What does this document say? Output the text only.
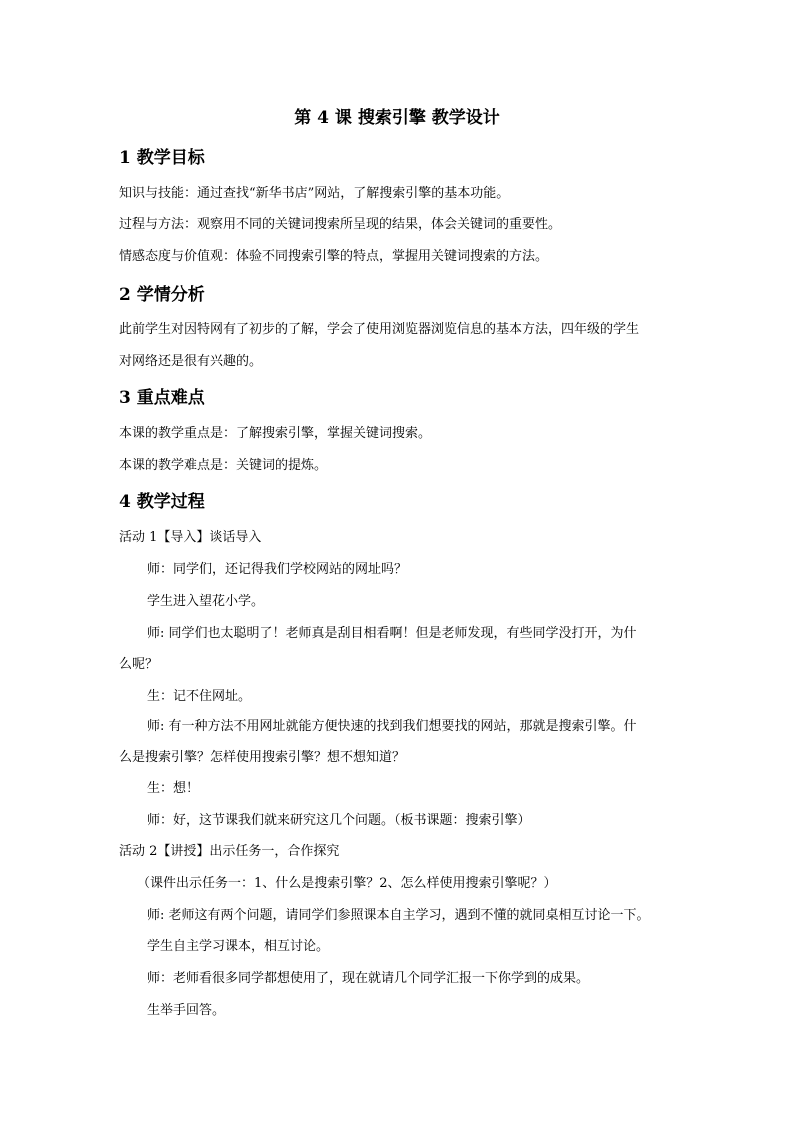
第 4 课 搜索引擎 教学设计
1 教学目标

知识与技能：通过查找“新华书店”网站，了解搜索引擎的基本功能。

过程与方法：观察用不同的关键词搜索所呈现的结果，体会关键词的重要性。

情感态度与价值观：体验不同搜索引擎的特点，掌握用关键词搜索的方法。

2 学情分析

此前学生对因特网有了初步的了解，学会了使用浏览器浏览信息的基本方法，四年级的学生

对网络还是很有兴趣的。

3 重点难点

本课的教学重点是：了解搜索引擎，掌握关键词搜索。

本课的教学难点是：关键词的提炼。

4 教学过程

活动 1【导入】谈话导入

师：同学们，还记得我们学校网站的网址吗？

学生进入望花小学。

师: 同学们也太聪明了！老师真是刮目相看啊！但是老师发现，有些同学没打开，为什

么呢？

生：记不住网址。

师: 有一种方法不用网址就能方便快速的找到我们想要找的网站，那就是搜索引擎。什

么是搜索引擎？怎样使用搜索引擎？想不想知道？

生：想！

师：好，这节课我们就来研究这几个问题。（板书课题：搜索引擎）

活动 2【讲授】出示任务一，合作探究

（课件出示任务一：1、什么是搜索引擎？2、怎么样使用搜索引擎呢？）

师: 老师这有两个问题，请同学们参照课本自主学习，遇到不懂的就同桌相互讨论一下。

学生自主学习课本，相互讨论。

师：老师看很多同学都想使用了，现在就请几个同学汇报一下你学到的成果。

生举手回答。
